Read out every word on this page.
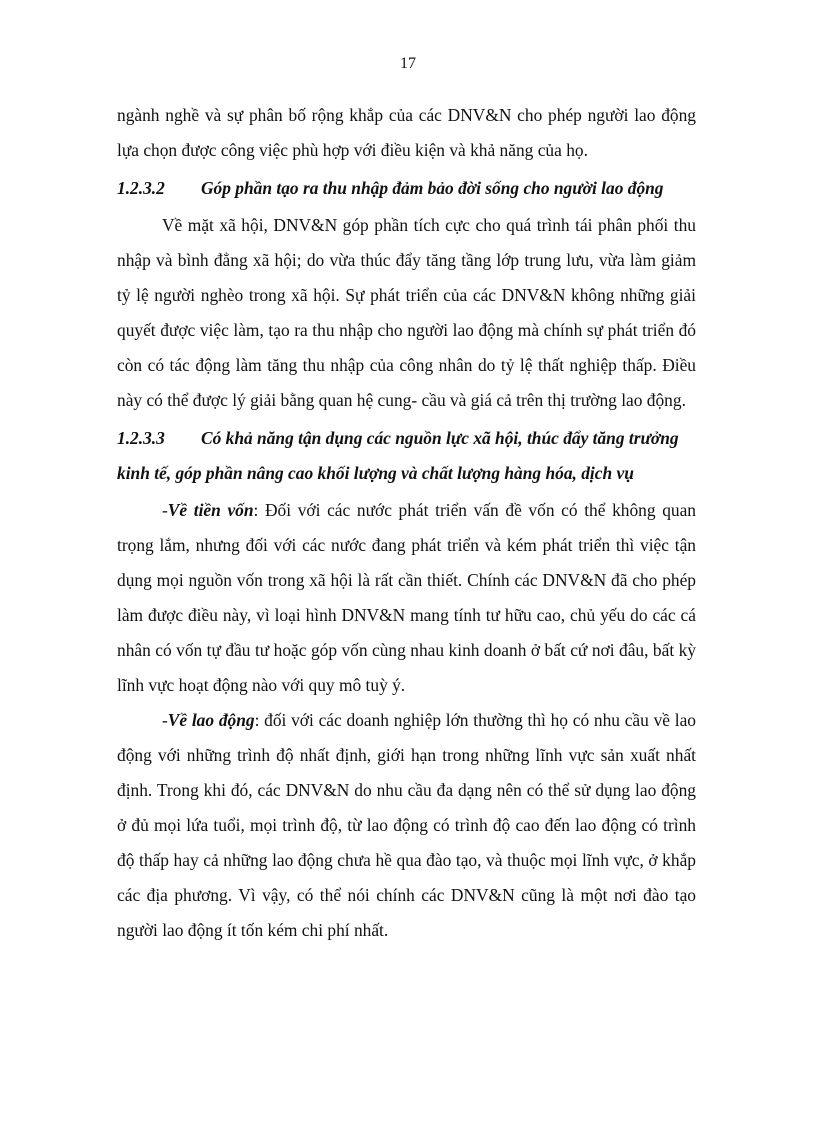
17

ngành nghề và sự phân bố rộng khắp của các DNV&N cho phép người lao động lựa chọn được công việc phù hợp với điều kiện và khả năng của họ.

1.2.3.2 Góp phần tạo ra thu nhập đảm bảo đời sống cho người lao động

Về mặt xã hội, DNV&N góp phần tích cực cho quá trình tái phân phối thu nhập và bình đẳng xã hội; do vừa thúc đẩy tăng tầng lớp trung lưu, vừa làm giảm tỷ lệ người nghèo trong xã hội. Sự phát triển của các DNV&N không những giải quyết được việc làm, tạo ra thu nhập cho người lao động mà chính sự phát triển đó còn có tác động làm tăng thu nhập của công nhân do tỷ lệ thất nghiệp thấp. Điều này có thể được lý giải bằng quan hệ cung- cầu và giá cả trên thị trường lao động.

1.2.3.3 Có khả năng tận dụng các nguồn lực xã hội, thúc đẩy tăng trưởng kinh tế, góp phần nâng cao khối lượng và chất lượng hàng hóa, dịch vụ

-Về tiền vốn: Đối với các nước phát triển vấn đề vốn có thể không quan trọng lắm, nhưng đối với các nước đang phát triển và kém phát triển thì việc tận dụng mọi nguồn vốn trong xã hội là rất cần thiết. Chính các DNV&N đã cho phép làm được điều này, vì loại hình DNV&N mang tính tư hữu cao, chủ yếu do các cá nhân có vốn tự đầu tư hoặc góp vốn cùng nhau kinh doanh ở bất cứ nơi đâu, bất kỳ lĩnh vực hoạt động nào với quy mô tuỳ ý.

-Về lao động: đối với các doanh nghiệp lớn thường thì họ có nhu cầu về lao động với những trình độ nhất định, giới hạn trong những lĩnh vực sản xuất nhất định. Trong khi đó, các DNV&N do nhu cầu đa dạng nên có thể sử dụng lao động ở đủ mọi lứa tuổi, mọi trình độ, từ lao động có trình độ cao đến lao động có trình độ thấp hay cả những lao động chưa hề qua đào tạo, và thuộc mọi lĩnh vực, ở khắp các địa phương. Vì vậy, có thể nói chính các DNV&N cũng là một nơi đào tạo người lao động ít tốn kém chi phí nhất.
